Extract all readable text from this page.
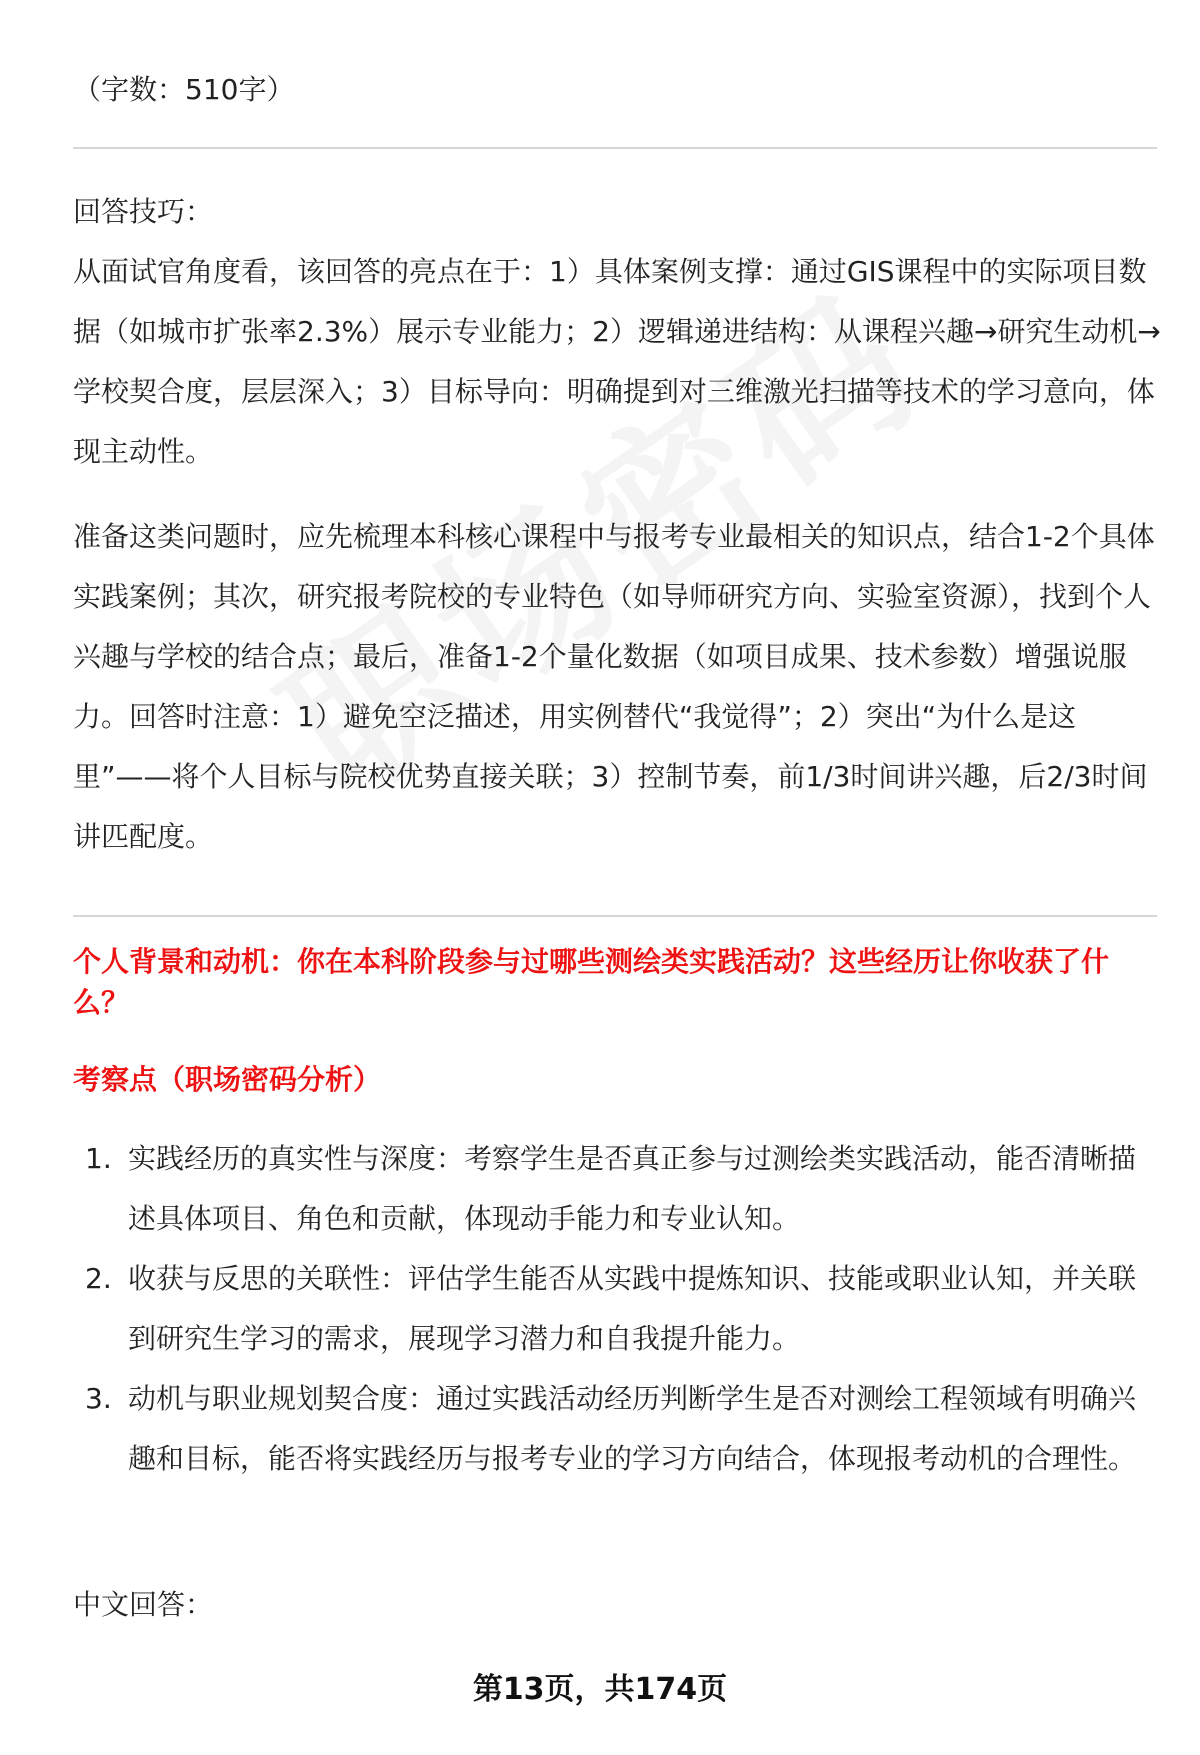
（字数：510字）

回答技巧：

从面试官角度看，该回答的亮点在于：1）具体案例支撑：通过GIS课程中的实际项目数据（如城市扩张率2.3%）展示专业能力；2）逻辑递进结构：从课程兴趣→研究生动机→学校契合度，层层深入；3）目标导向：明确提到对三维激光扫描等技术的学习意向，体现主动性。

准备这类问题时，应先梳理本科核心课程中与报考专业最相关的知识点，结合1-2个具体实践案例；其次，研究报考院校的专业特色（如导师研究方向、实验室资源），找到个人兴趣与学校的结合点；最后，准备1-2个量化数据（如项目成果、技术参数）增强说服力。回答时注意：1）避免空泛描述，用实例替代“我觉得”；2）突出“为什么是这里”——将个人目标与院校优势直接关联；3）控制节奏，前1/3时间讲兴趣，后2/3时间讲匹配度。

个人背景和动机：你在本科阶段参与过哪些测绘类实践活动？这些经历让你收获了什么？

考察点（职场密码分析）

1. 实践经历的真实性与深度：考察学生是否真正参与过测绘类实践活动，能否清晰描述具体项目、角色和贡献，体现动手能力和专业认知。
2. 收获与反思的关联性：评估学生能否从实践中提炼知识、技能或职业认知，并关联到研究生学习的需求，展现学习潜力和自我提升能力。
3. 动机与职业规划契合度：通过实践活动经历判断学生是否对测绘工程领域有明确兴趣和目标，能否将实践经历与报考专业的学习方向结合，体现报考动机的合理性。

中文回答：

第13页，共174页
